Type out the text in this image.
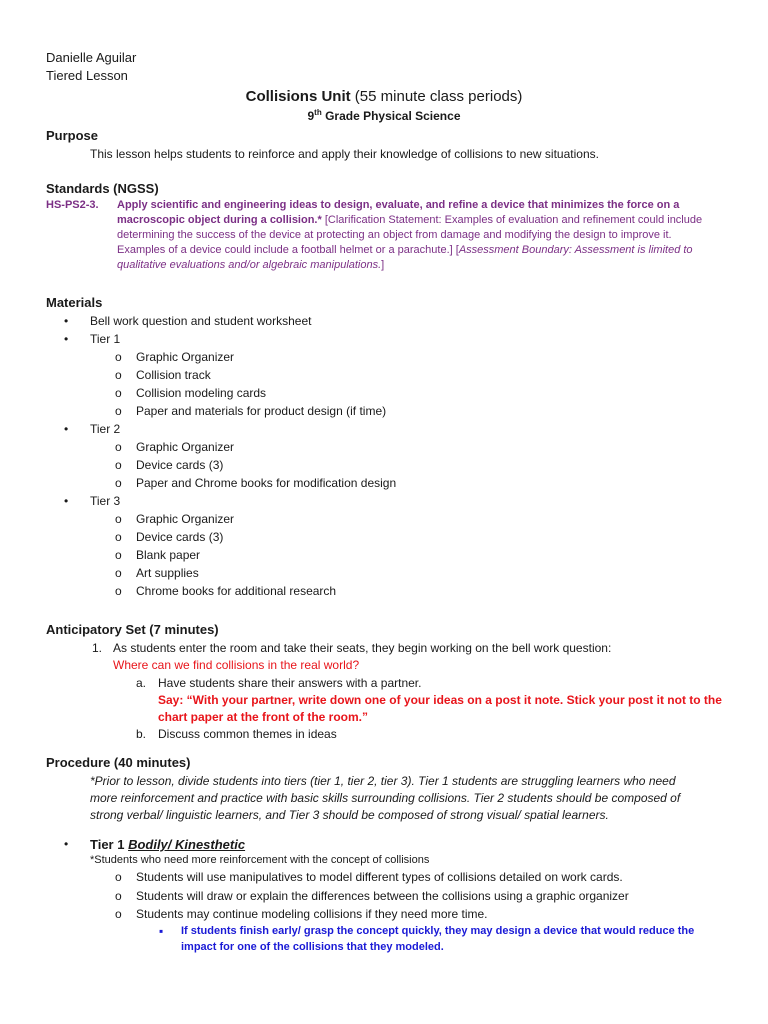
Danielle Aguilar
Tiered Lesson
Collisions Unit (55 minute class periods)
9th Grade Physical Science
Purpose
This lesson helps students to reinforce and apply their knowledge of collisions to new situations.
Standards (NGSS)
HS-PS2-3. Apply scientific and engineering ideas to design, evaluate, and refine a device that minimizes the force on a
macroscopic object during a collision.* [Clarification Statement: Examples of evaluation and refinement could include
determining the success of the device at protecting an object from damage and modifying the design to improve it.
Examples of a device could include a football helmet or a parachute.] [Assessment Boundary: Assessment is limited to
qualitative evaluations and/or algebraic manipulations.]
Materials
• Bell work question and student worksheet
• Tier 1
o Graphic Organizer
o Collision track
o Collision modeling cards
o Paper and materials for product design (if time)
• Tier 2
o Graphic Organizer
o Device cards (3)
o Paper and Chrome books for modification design
• Tier 3
o Graphic Organizer
o Device cards (3)
o Blank paper
o Art supplies
o Chrome books for additional research
Anticipatory Set (7 minutes)
1. As students enter the room and take their seats, they begin working on the bell work question:
Where can we find collisions in the real world?
a. Have students share their answers with a partner.
Say: “With your partner, write down one of your ideas on a post it note. Stick your post it not to the
chart paper at the front of the room.”
b. Discuss common themes in ideas
Procedure (40 minutes)
*Prior to lesson, divide students into tiers (tier 1, tier 2, tier 3). Tier 1 students are struggling learners who need
more reinforcement and practice with basic skills surrounding collisions. Tier 2 students should be composed of
strong verbal/ linguistic learners, and Tier 3 should be composed of strong visual/ spatial learners.
• Tier 1 Bodily/ Kinesthetic
*Students who need more reinforcement with the concept of collisions
o Students will use manipulatives to model different types of collisions detailed on work cards.
o Students will draw or explain the differences between the collisions using a graphic organizer
o Students may continue modeling collisions if they need more time.
▪ If students finish early/ grasp the concept quickly, they may design a device that would reduce the
impact for one of the collisions that they modeled.
